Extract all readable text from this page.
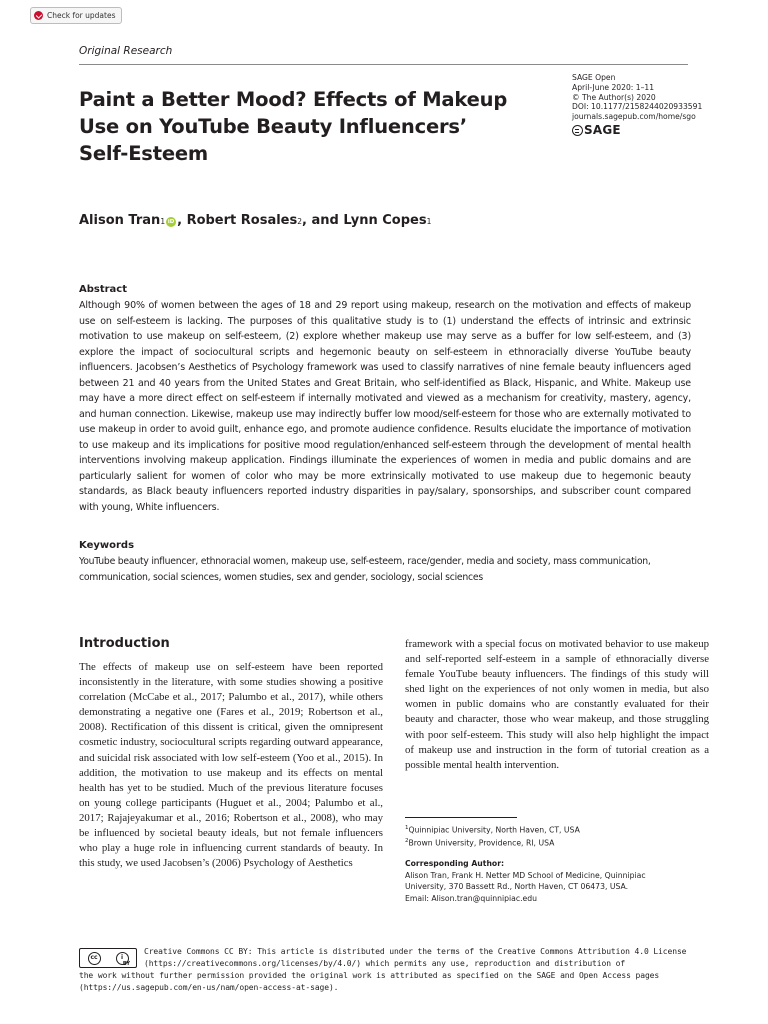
Check for updates
Original Research
Paint a Better Mood? Effects of Makeup Use on YouTube Beauty Influencers’ Self-Esteem
SAGE Open
April-June 2020: 1–11
© The Author(s) 2020
DOI: 10.1177/2158244020933591
journals.sagepub.com/home/sgo
SAGE
Alison Tran 1 iD , Robert Rosales 2 , and Lynn Copes 1
Abstract

Although 90% of women between the ages of 18 and 29 report using makeup, research on the motivation and effects of makeup use on self-esteem is lacking. The purposes of this qualitative study is to (1) understand the effects of intrinsic and extrinsic motivation to use makeup on self-esteem, (2) explore whether makeup use may serve as a buffer for low self-esteem, and (3) explore the impact of sociocultural scripts and hegemonic beauty on self-esteem in ethnoracially diverse YouTube beauty influencers. Jacobsen’s Aesthetics of Psychology framework was used to classify narratives of nine female beauty influencers aged between 21 and 40 years from the United States and Great Britain, who self-identified as Black, Hispanic, and White. Makeup use may have a more direct effect on self-esteem if internally motivated and viewed as a mechanism for creativity, mastery, agency, and human connection. Likewise, makeup use may indirectly buffer low mood/self-esteem for those who are externally motivated to use makeup in order to avoid guilt, enhance ego, and promote audience confidence. Results elucidate the importance of motivation to use makeup and its implications for positive mood regulation/enhanced self-esteem through the development of mental health interventions involving makeup application. Findings illuminate the experiences of women in media and public domains and are particularly salient for women of color who may be more extrinsically motivated to use makeup due to hegemonic beauty standards, as Black beauty influencers reported industry disparities in pay/salary, sponsorships, and subscriber count compared with young, White influencers.

Keywords

YouTube beauty influencer, ethnoracial women, makeup use, self-esteem, race/gender, media and society, mass communication, communication, social sciences, women studies, sex and gender, sociology, social sciences

Introduction

The effects of makeup use on self-esteem have been reported inconsistently in the literature, with some studies showing a positive correlation (McCabe et al., 2017; Palumbo et al., 2017), while others demonstrating a negative one (Fares et al., 2019; Robertson et al., 2008). Rectification of this dissent is critical, given the omnipresent cosmetic industry, sociocultural scripts regarding outward appearance, and suicidal risk associated with low self-esteem (Yoo et al., 2015). In addition, the motivation to use makeup and its effects on mental health has yet to be studied. Much of the previous literature focuses on young college participants (Huguet et al., 2004; Palumbo et al., 2017; Rajajeyakumar et al., 2016; Robertson et al., 2008), who may be influenced by societal beauty ideals, but not female influencers who play a huge role in influencing current standards of beauty. In this study, we used Jacobsen’s (2006) Psychology of Aesthetics

framework with a special focus on motivated behavior to use makeup and self-reported self-esteem in a sample of ethnoracially diverse female YouTube beauty influencers. The findings of this study will shed light on the experiences of not only women in media, but also women in public domains who are constantly evaluated for their beauty and character, those who wear makeup, and those struggling with poor self-esteem. This study will also help highlight the impact of makeup use and instruction in the form of tutorial creation as a possible mental health intervention.

$^1$Quinnipiac University, North Haven, CT, USA
$^2$Brown University, Providence, RI, USA
Corresponding Author:
Alison Tran, Frank H. Netter MD School of Medicine, Quinnipiac
University, 370 Bassett Rd., North Haven, CT 06473, USA.
Email: Alison.tran@quinnipiac.edu
cc	i
BY
Creative Commons CC BY: This article is distributed under the terms of the Creative Commons Attribution 4.0 License
(https://creativecommons.org/licenses/by/4.0/) which permits any use, reproduction and distribution of
the work without further permission provided the original work is attributed as specified on the SAGE and Open Access pages
(https://us.sagepub.com/en-us/nam/open-access-at-sage).
